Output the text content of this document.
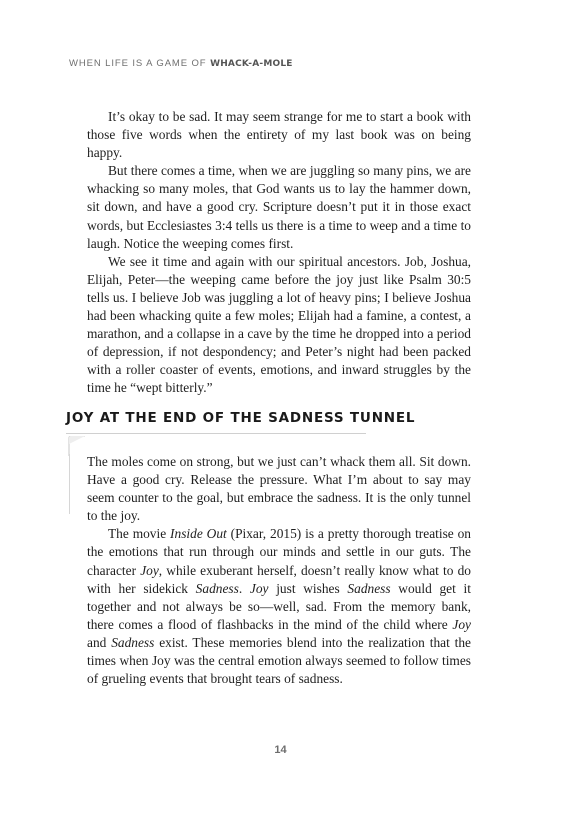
WHEN LIFE IS A GAME OF WHACK-A-MOLE

It’s okay to be sad. It may seem strange for me to start a book with those five words when the entirety of my last book was on being happy.

But there comes a time, when we are juggling so many pins, we are whacking so many moles, that God wants us to lay the hammer down, sit down, and have a good cry. Scripture doesn’t put it in those exact words, but Ecclesiastes 3:4 tells us there is a time to weep and a time to laugh. Notice the weeping comes first.

We see it time and again with our spiritual ancestors. Job, Joshua, Elijah, Peter—the weeping came before the joy just like Psalm 30:5 tells us. I believe Job was juggling a lot of heavy pins; I believe Joshua had been whacking quite a few moles; Elijah had a famine, a contest, a marathon, and a collapse in a cave by the time he dropped into a period of depression, if not despondency; and Peter’s night had been packed with a roller coaster of events, emotions, and inward struggles by the time he “wept bitterly.”

JOY AT THE END OF THE SADNESS TUNNEL

The moles come on strong, but we just can’t whack them all. Sit down. Have a good cry. Release the pressure. What I’m about to say may seem counter to the goal, but embrace the sadness. It is the only tunnel to the joy.

The movie Inside Out (Pixar, 2015) is a pretty thorough treatise on the emotions that run through our minds and settle in our guts. The character Joy, while exuberant herself, doesn’t really know what to do with her sidekick Sadness. Joy just wishes Sadness would get it together and not always be so—well, sad. From the memory bank, there comes a flood of flashbacks in the mind of the child where Joy and Sadness exist. These memories blend into the realization that the times when Joy was the central emotion always seemed to follow times of grueling events that brought tears of sadness.

14
